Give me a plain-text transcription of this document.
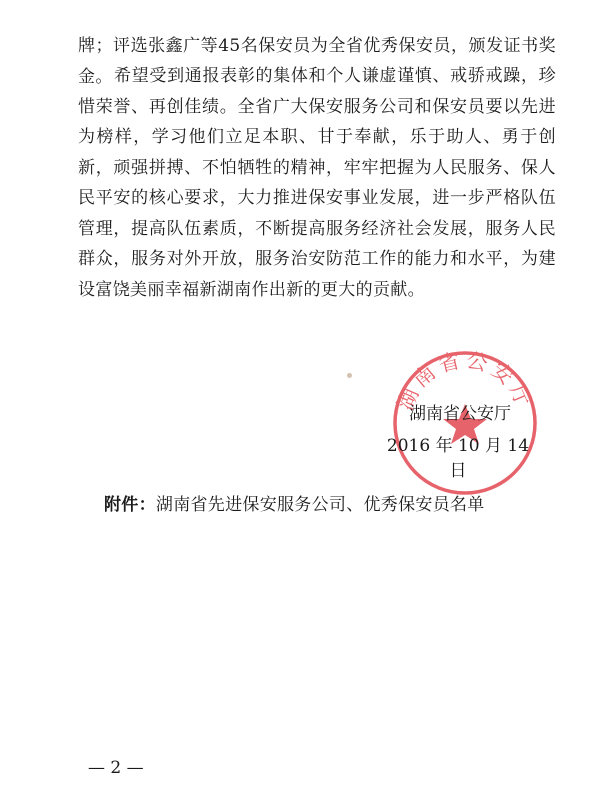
牌；评选张鑫广等45名保安员为全省优秀保安员，颁发证书奖金。 希望受到通报表彰的集体和个人谦虚谨慎、戒骄戒躁，珍惜荣誉、再创佳绩。全省广大保安服务公司和保安员要以先进为榜样，学习他们立足本职、甘于奉献，乐于助人、勇于创新，顽强拼搏、不怕牺牲的精神，牢牢把握为人民服务、保人民平安的核心要求，大力推进保安事业发展，进一步严格队伍管理，提高队伍素质，不断提高服务经济社会发展，服务人民群众，服务对外开放，服务治安防范工作的能力和水平，为建设富饶美丽幸福新湖南作出新的更大的贡献。
湖南省公安厅
湖南省公安厅
2016 年 10 月 14 日
附件：湖南省先进保安服务公司、优秀保安员名单
— 2 —
